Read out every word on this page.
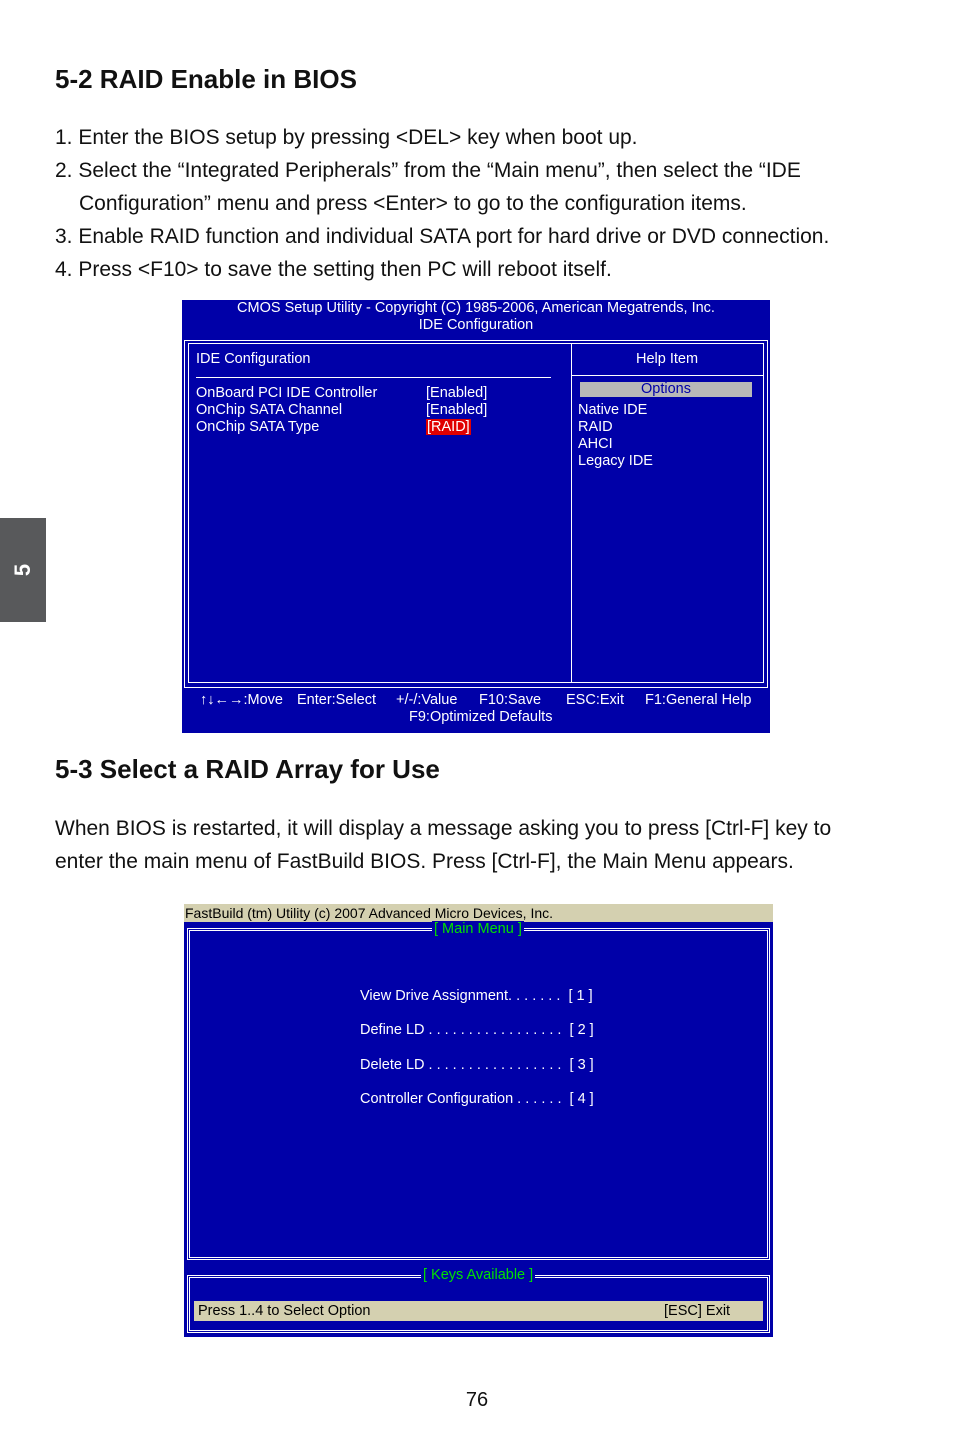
5
5-2 RAID Enable in BIOS
1. Enter the BIOS setup by pressing <DEL> key when boot up.
2. Select the “Integrated Peripherals” from the “Main menu”, then select the “IDE
Configuration” menu and press <Enter> to go to the configuration items.
3. Enable RAID function and individual SATA port for hard drive or DVD connection.
4. Press <F10> to save the setting then PC will reboot itself.
CMOS Setup Utility - Copyright (C) 1985-2006, American Megatrends, Inc.
IDE Configuration
IDE Configuration	Help Item
OnBoard PCI IDE Controller	[Enabled]
OnChip SATA Channel	[Enabled]
OnChip SATA Type	[RAID]
Options
Native IDE
RAID
AHCI
Legacy IDE
↑↓←→:Move Enter:Select +/-/:Value F10:Save ESC:Exit F1:General Help
F9:Optimized Defaults
5-3 Select a RAID Array for Use
When BIOS is restarted, it will display a message asking you to press [Ctrl-F] key to
enter the main menu of FastBuild BIOS. Press [Ctrl-F], the Main Menu appears.
FastBuild (tm) Utility (c) 2007 Advanced Micro Devices, Inc.
[ Main Menu ]
View Drive Assignment. . . . . . .  [ 1 ]
Define LD . . . . . . . . . . . . . . . . .  [ 2 ]
Delete LD . . . . . . . . . . . . . . . . .  [ 3 ]
Controller Configuration . . . . . .  [ 4 ]
[ Keys Available ]
Press 1..4 to Select Option	[ESC] Exit
76
